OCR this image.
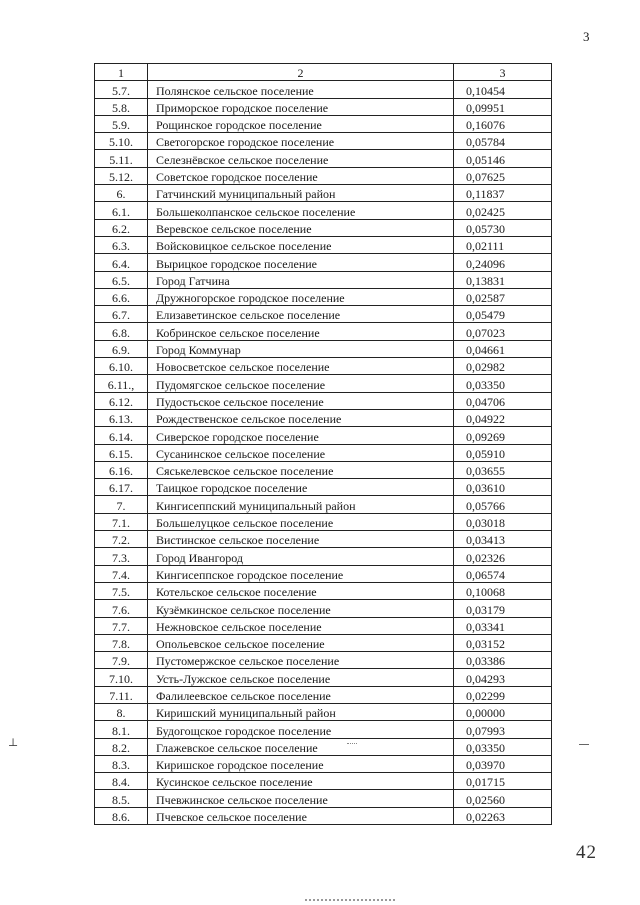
3
1	2	3
5.7.	Полянское сельское поселение	0,10454
5.8.	Приморское городское поселение	0,09951
5.9.	Рощинское городское поселение	0,16076
5.10.	Светогорское городское поселение	0,05784
5.11.	Селезнёвское сельское поселение	0,05146
5.12.	Советское городское поселение	0,07625
6.	Гатчинский муниципальный район	0,11837
6.1.	Большеколпанское сельское поселение	0,02425
6.2.	Веревское сельское поселение	0,05730
6.3.	Войсковицкое сельское поселение	0,02111
6.4.	Вырицкое городское поселение	0,24096
6.5.	Город Гатчина	0,13831
6.6.	Дружногорское городское поселение	0,02587
6.7.	Елизаветинское сельское поселение	0,05479
6.8.	Кобринское сельское поселение	0,07023
6.9.	Город Коммунар	0,04661
6.10.	Новосветское сельское поселение	0,02982
6.11.,	Пудомягское сельское поселение	0,03350
6.12.	Пудостьское сельское поселение	0,04706
6.13.	Рождественское сельское поселение	0,04922
6.14.	Сиверское городское поселение	0,09269
6.15.	Сусанинское сельское поселение	0,05910
6.16.	Сяськелевское сельское поселение	0,03655
6.17.	Таицкое городское поселение	0,03610
7.	Кингисеппский муниципальный район	0,05766
7.1.	Большелуцкое сельское поселение	0,03018
7.2.	Вистинское сельское поселение	0,03413
7.3.	Город Ивангород	0,02326
7.4.	Кингисеппское городское поселение	0,06574
7.5.	Котельское сельское поселение	0,10068
7.6.	Кузёмкинское сельское поселение	0,03179
7.7.	Нежновское сельское поселение	0,03341
7.8.	Опольевское сельское поселение	0,03152
7.9.	Пустомержское сельское поселение	0,03386
7.10.	Усть-Лужское сельское поселение	0,04293
7.11.	Фалилеевское сельское поселение	0,02299
8.	Киришский муниципальный район	0,00000
8.1.	Будогощское городское поселение	0,07993
8.2.	Глажевское сельское поселение	0,03350
8.3.	Киришское городское поселение	0,03970
8.4.	Кусинское сельское поселение	0,01715
8.5.	Пчевжинское сельское поселение	0,02560
8.6.	Пчевское сельское поселение	0,02263
⊥
42
